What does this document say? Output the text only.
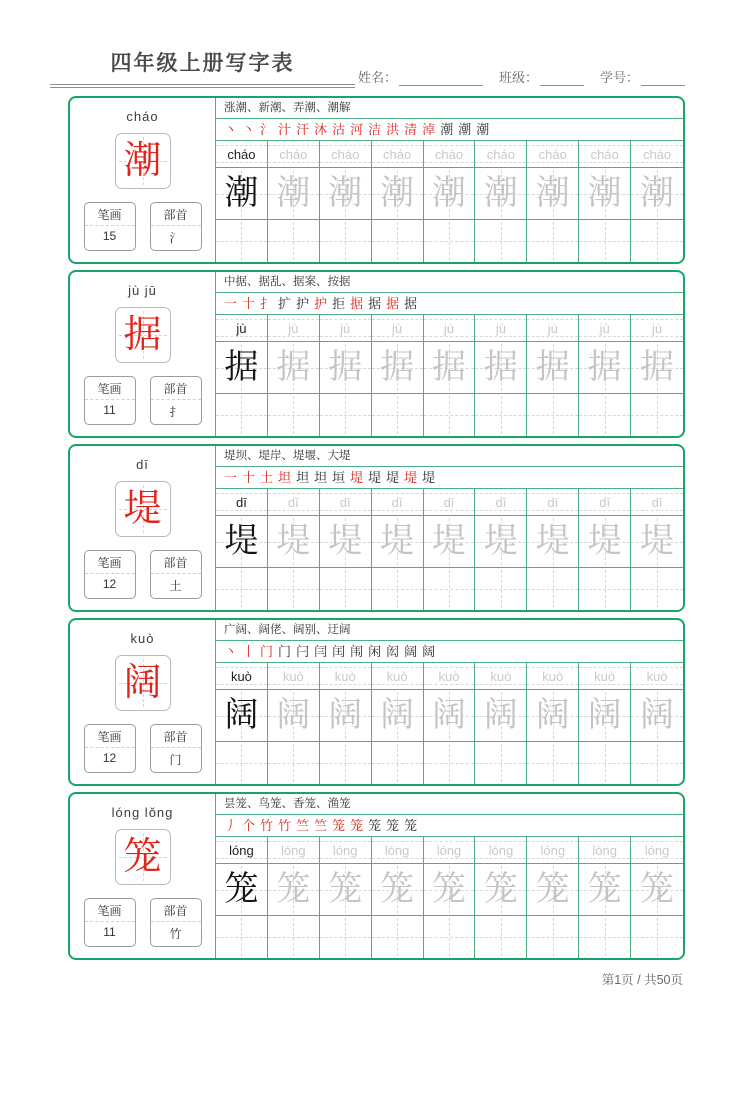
四年级上册写字表
姓名：	班级：	学号：
cháo
潮
笔画
15
部首
氵
涨潮、新潮、弄潮、潮解
丶 丶 氵 汁 汗 沐 沽 河 洁 洪 清 淖 潮 潮 潮
cháo cháo cháo cháo cháo cháo cháo cháo cháo
潮 潮 潮 潮 潮 潮 潮 潮 潮
jù jū
据
笔画
11
部首
扌
中据、据乱、据案、按据
一 十 扌 扩 护 护 拒 据 据 据 据
jù	jù	jù	jù	jù	jù	jù	jù	jù
据 据 据 据 据 据 据 据 据
dī
堤
笔画
12
部首
土
堤坝、堤岸、堤堰、大堤
一 十 土 坦 坦 坦 垣 堤 堤 堤 堤 堤
dī	dī	dī	dī	dī	dī	dī	dī	dī
堤 堤 堤 堤 堤 堤 堤 堤 堤
kuò
阔
笔画
12
部首
门
广阔、阔佬、阔别、迂阔
丶 丨 门 门 闩 闫 闰 闱 闲 闳 阔 阔
kuò kuò kuò kuò kuò kuò kuò kuò kuò
阔 阔 阔 阔 阔 阔 阔 阔 阔
lóng lǒng
笼
笔画
11
部首
竹
昙笼、鸟笼、香笼、渔笼
丿 个 竹 竹 竺 竺 笼 笼 笼 笼 笼
lóng lóng lóng lóng lóng lóng lóng lóng lóng
笼 笼 笼 笼 笼 笼 笼 笼 笼
第1页 / 共50页
